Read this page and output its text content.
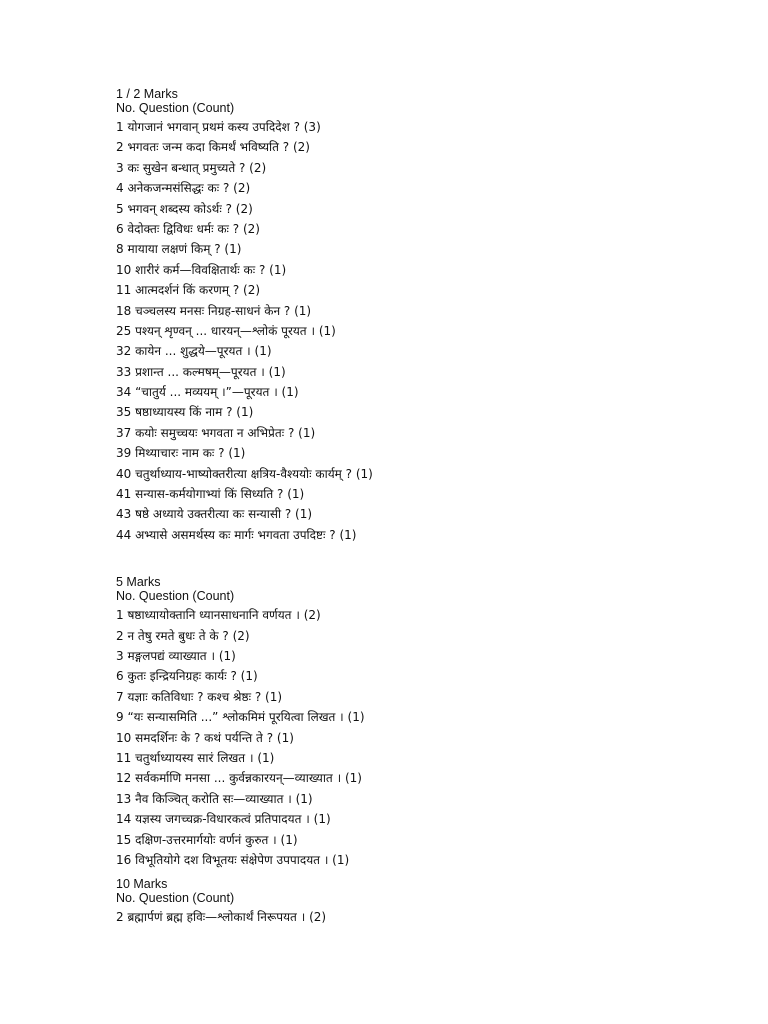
1 / 2 Marks
No. Question (Count)
1 योगजानं भगवान् प्रथमं कस्य उपदिदेश ? (3)
2 भगवतः जन्म कदा किमर्थं भविष्यति ? (2)
3 कः सुखेन बन्धात् प्रमुच्यते ? (2)
4 अनेकजन्मसंसिद्धः कः ? (2)
5 भगवन् शब्दस्य कोऽर्थः ? (2)
6 वेदोक्तः द्विविधः धर्मः कः ? (2)
8 मायाया लक्षणं किम् ? (1)
10 शारीरं कर्म—विवक्षितार्थः कः ? (1)
11 आत्मदर्शनं किं करणम् ? (2)
18 चञ्चलस्य मनसः निग्रह-साधनं केन ? (1)
25 पश्यन् शृण्वन् ... धारयन्—श्लोकं पूरयत । (1)
32 कायेन ... शुद्धये—पूरयत । (1)
33 प्रशान्त ... कल्मषम्—पूरयत । (1)
34 “चातुर्य ... मव्ययम् ।”—पूरयत । (1)
35 षष्ठाध्यायस्य किं नाम ? (1)
37 कयोः समुच्चयः भगवता न अभिप्रेतः ? (1)
39 मिथ्याचारः नाम कः ? (1)
40 चतुर्थाध्याय-भाष्योक्तरीत्या क्षत्रिय-वैश्ययोः कार्यम् ? (1)
41 सन्यास-कर्मयोगाभ्यां किं सिध्यति ? (1)
43 षष्ठे अध्याये उक्तरीत्या कः सन्यासी ? (1)
44 अभ्यासे असमर्थस्य कः मार्गः भगवता उपदिष्टः ? (1)
5 Marks
No. Question (Count)
1 षष्ठाध्यायोक्तानि ध्यानसाधनानि वर्णयत । (2)
2 न तेषु रमते बुधः ते के ? (2)
3 मङ्गलपद्यं व्याख्यात । (1)
6 कुतः इन्द्रियनिग्रहः कार्यः ? (1)
7 यज्ञाः कतिविधाः ? कश्च श्रेष्ठः ? (1)
9 “यः सन्यासमिति ...” श्लोकमिमं पूरयित्वा लिखत । (1)
10 समदर्शिनः के ? कथं पर्यन्ति ते ? (1)
11 चतुर्थाध्यायस्य सारं लिखत । (1)
12 सर्वकर्माणि मनसा ... कुर्वन्नकारयन्—व्याख्यात । (1)
13 नैव किञ्चित् करोति सः—व्याख्यात । (1)
14 यज्ञस्य जगच्चक्र-विधारकत्वं प्रतिपादयत । (1)
15 दक्षिण-उत्तरमार्गयोः वर्णनं कुरुत । (1)
16 विभूतियोगे दश विभूतयः संक्षेपेण उपपादयत । (1)
10 Marks
No. Question (Count)
2 ब्रह्मार्पणं ब्रह्म हविः—श्लोकार्थं निरूपयत । (2)
